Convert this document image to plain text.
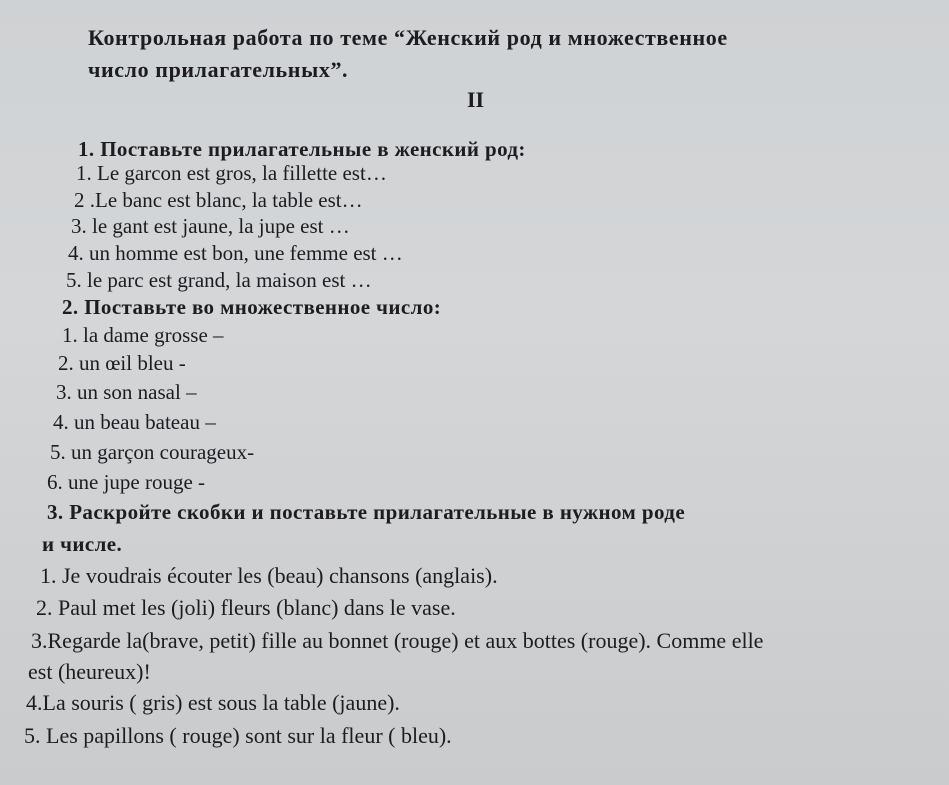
Контрольная работа по теме “Женский род и множественное
число прилагательных”.
II
1. Поставьте прилагательные в женский род:
1. Le garcon est gros, la fillette est…
2 .Le banc est blanc, la table est…
3. le gant est jaune, la jupe est …
4. un homme est bon, une femme est …
5. le parc est grand, la maison est …
2. Поставьте во множественное число:
1. la dame grosse –
2. un œil bleu -
3. un son nasal –
4. un beau bateau –
5. un garçon courageux-
6. une jupe rouge -
3. Раскройте скобки и поставьте прилагательные в нужном роде
и числе.
1. Je voudrais écouter les (beau) chansons (anglais).
2. Paul met les (joli) fleurs (blanc) dans le vase.
3.Regarde la(brave, petit) fille au bonnet (rouge) et aux bottes (rouge). Comme elle
est (heureux)!
4.La souris ( gris) est sous la table (jaune).
5. Les papillons ( rouge) sont sur la fleur ( bleu).
